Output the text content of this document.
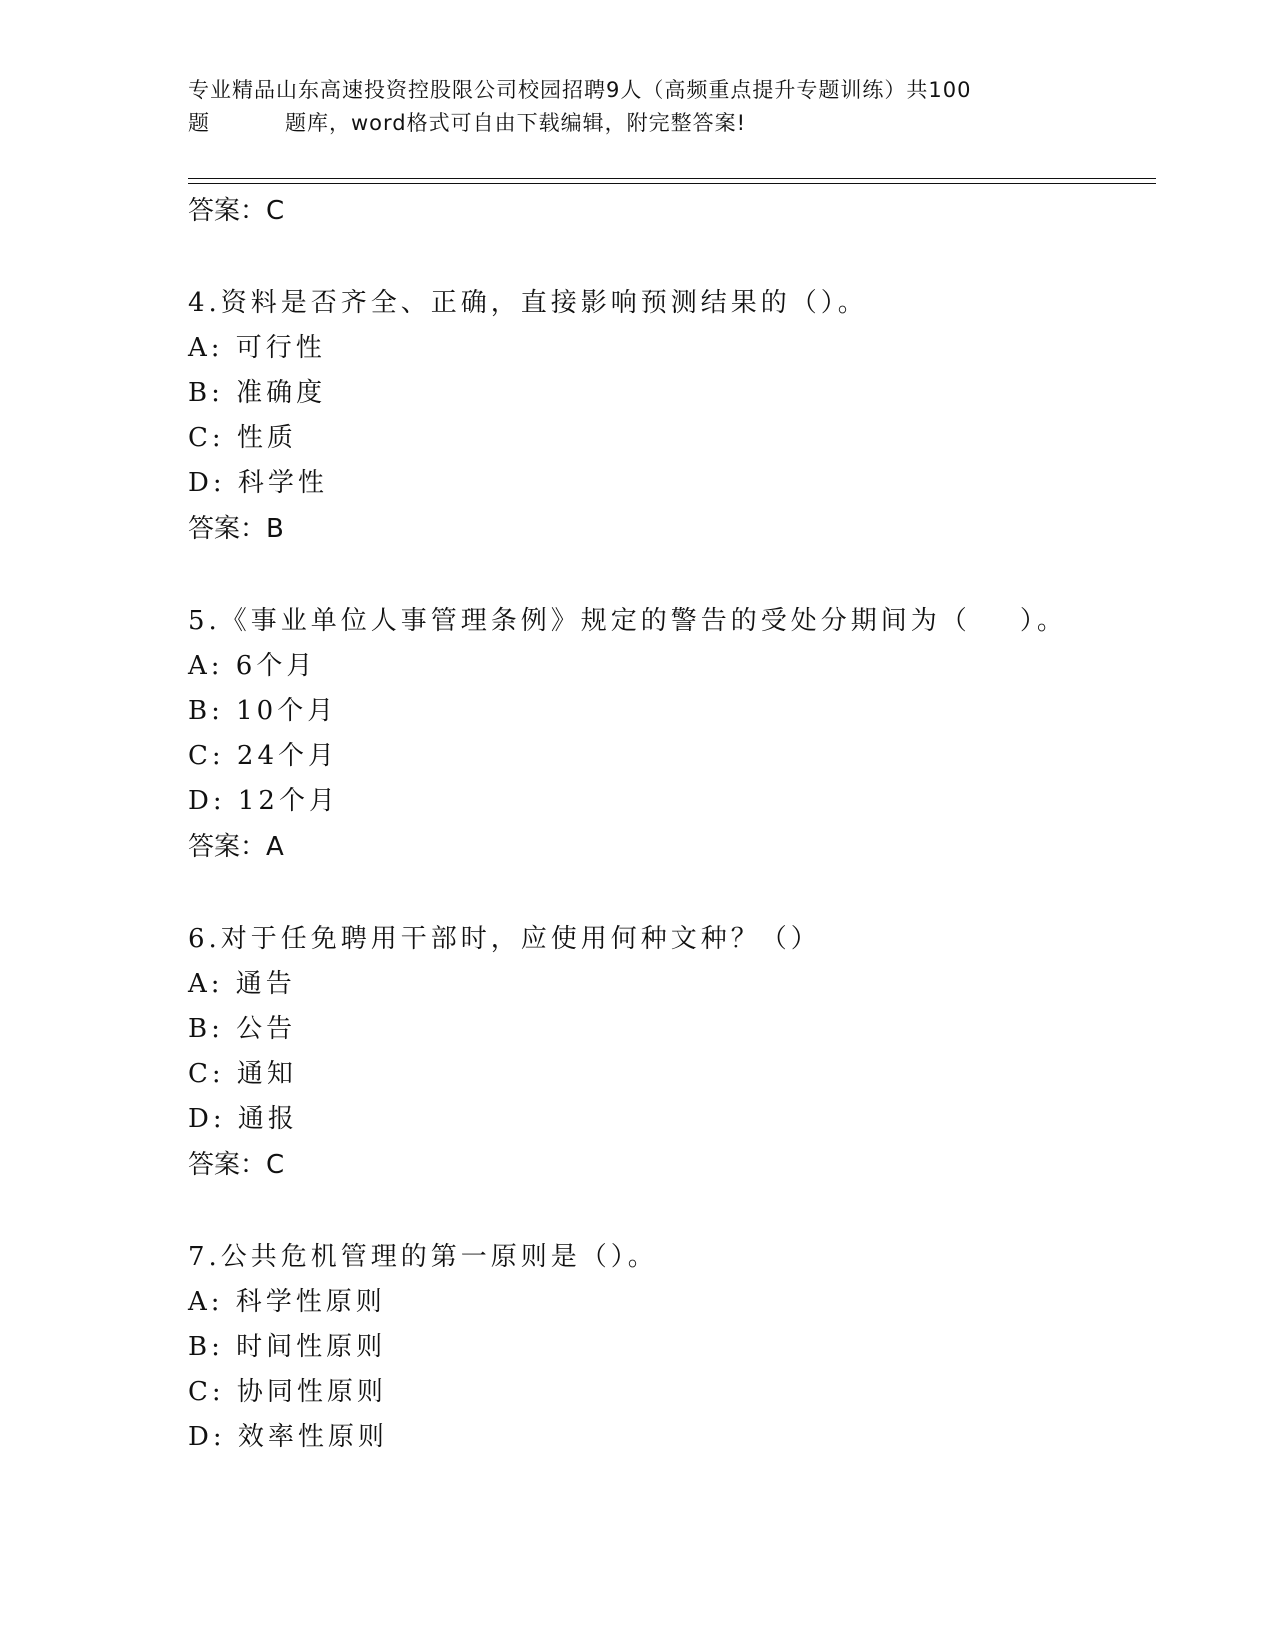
专业精品山东高速投资控股限公司校园招聘9人（高频重点提升专题训练）共100
题	题库，word格式可自由下载编辑，附完整答案!
答案：C
4.资料是否齐全、正确，直接影响预测结果的（）。
A: 可行性
B: 准确度
C: 性质
D: 科学性
答案：B
5.《事业单位人事管理条例》规定的警告的受处分期间为（    ）。
A: 6个月
B: 10个月
C: 24个月
D: 12个月
答案：A
6.对于任免聘用干部时，应使用何种文种？（）
A: 通告
B: 公告
C: 通知
D: 通报
答案：C
7.公共危机管理的第一原则是（）。
A: 科学性原则
B: 时间性原则
C: 协同性原则
D: 效率性原则
